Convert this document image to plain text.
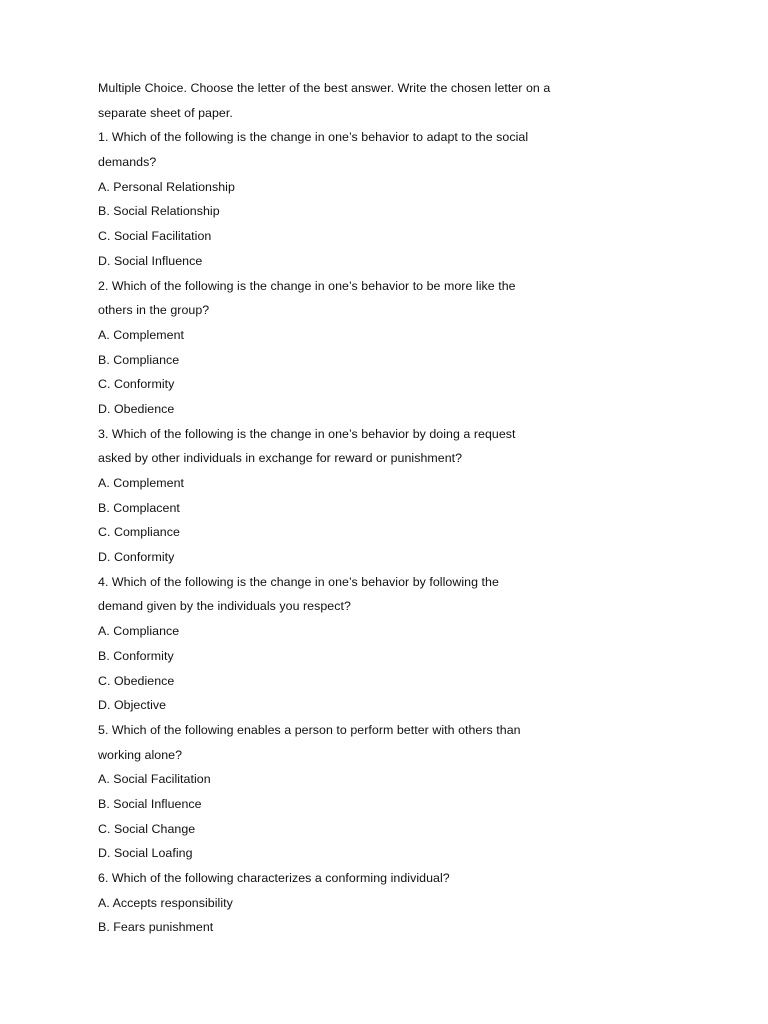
Multiple Choice. Choose the letter of the best answer. Write the chosen letter on a
separate sheet of paper.
1. Which of the following is the change in one’s behavior to adapt to the social
demands?
A. Personal Relationship
B. Social Relationship
C. Social Facilitation
D. Social Influence
2. Which of the following is the change in one’s behavior to be more like the
others in the group?
A. Complement
B. Compliance
C. Conformity
D. Obedience
3. Which of the following is the change in one’s behavior by doing a request
asked by other individuals in exchange for reward or punishment?
A. Complement
B. Complacent
C. Compliance
D. Conformity
4. Which of the following is the change in one’s behavior by following the
demand given by the individuals you respect?
A. Compliance
B. Conformity
C. Obedience
D. Objective
5. Which of the following enables a person to perform better with others than
working alone?
A. Social Facilitation
B. Social Influence
C. Social Change
D. Social Loafing
6. Which of the following characterizes a conforming individual?
A. Accepts responsibility
B. Fears punishment
